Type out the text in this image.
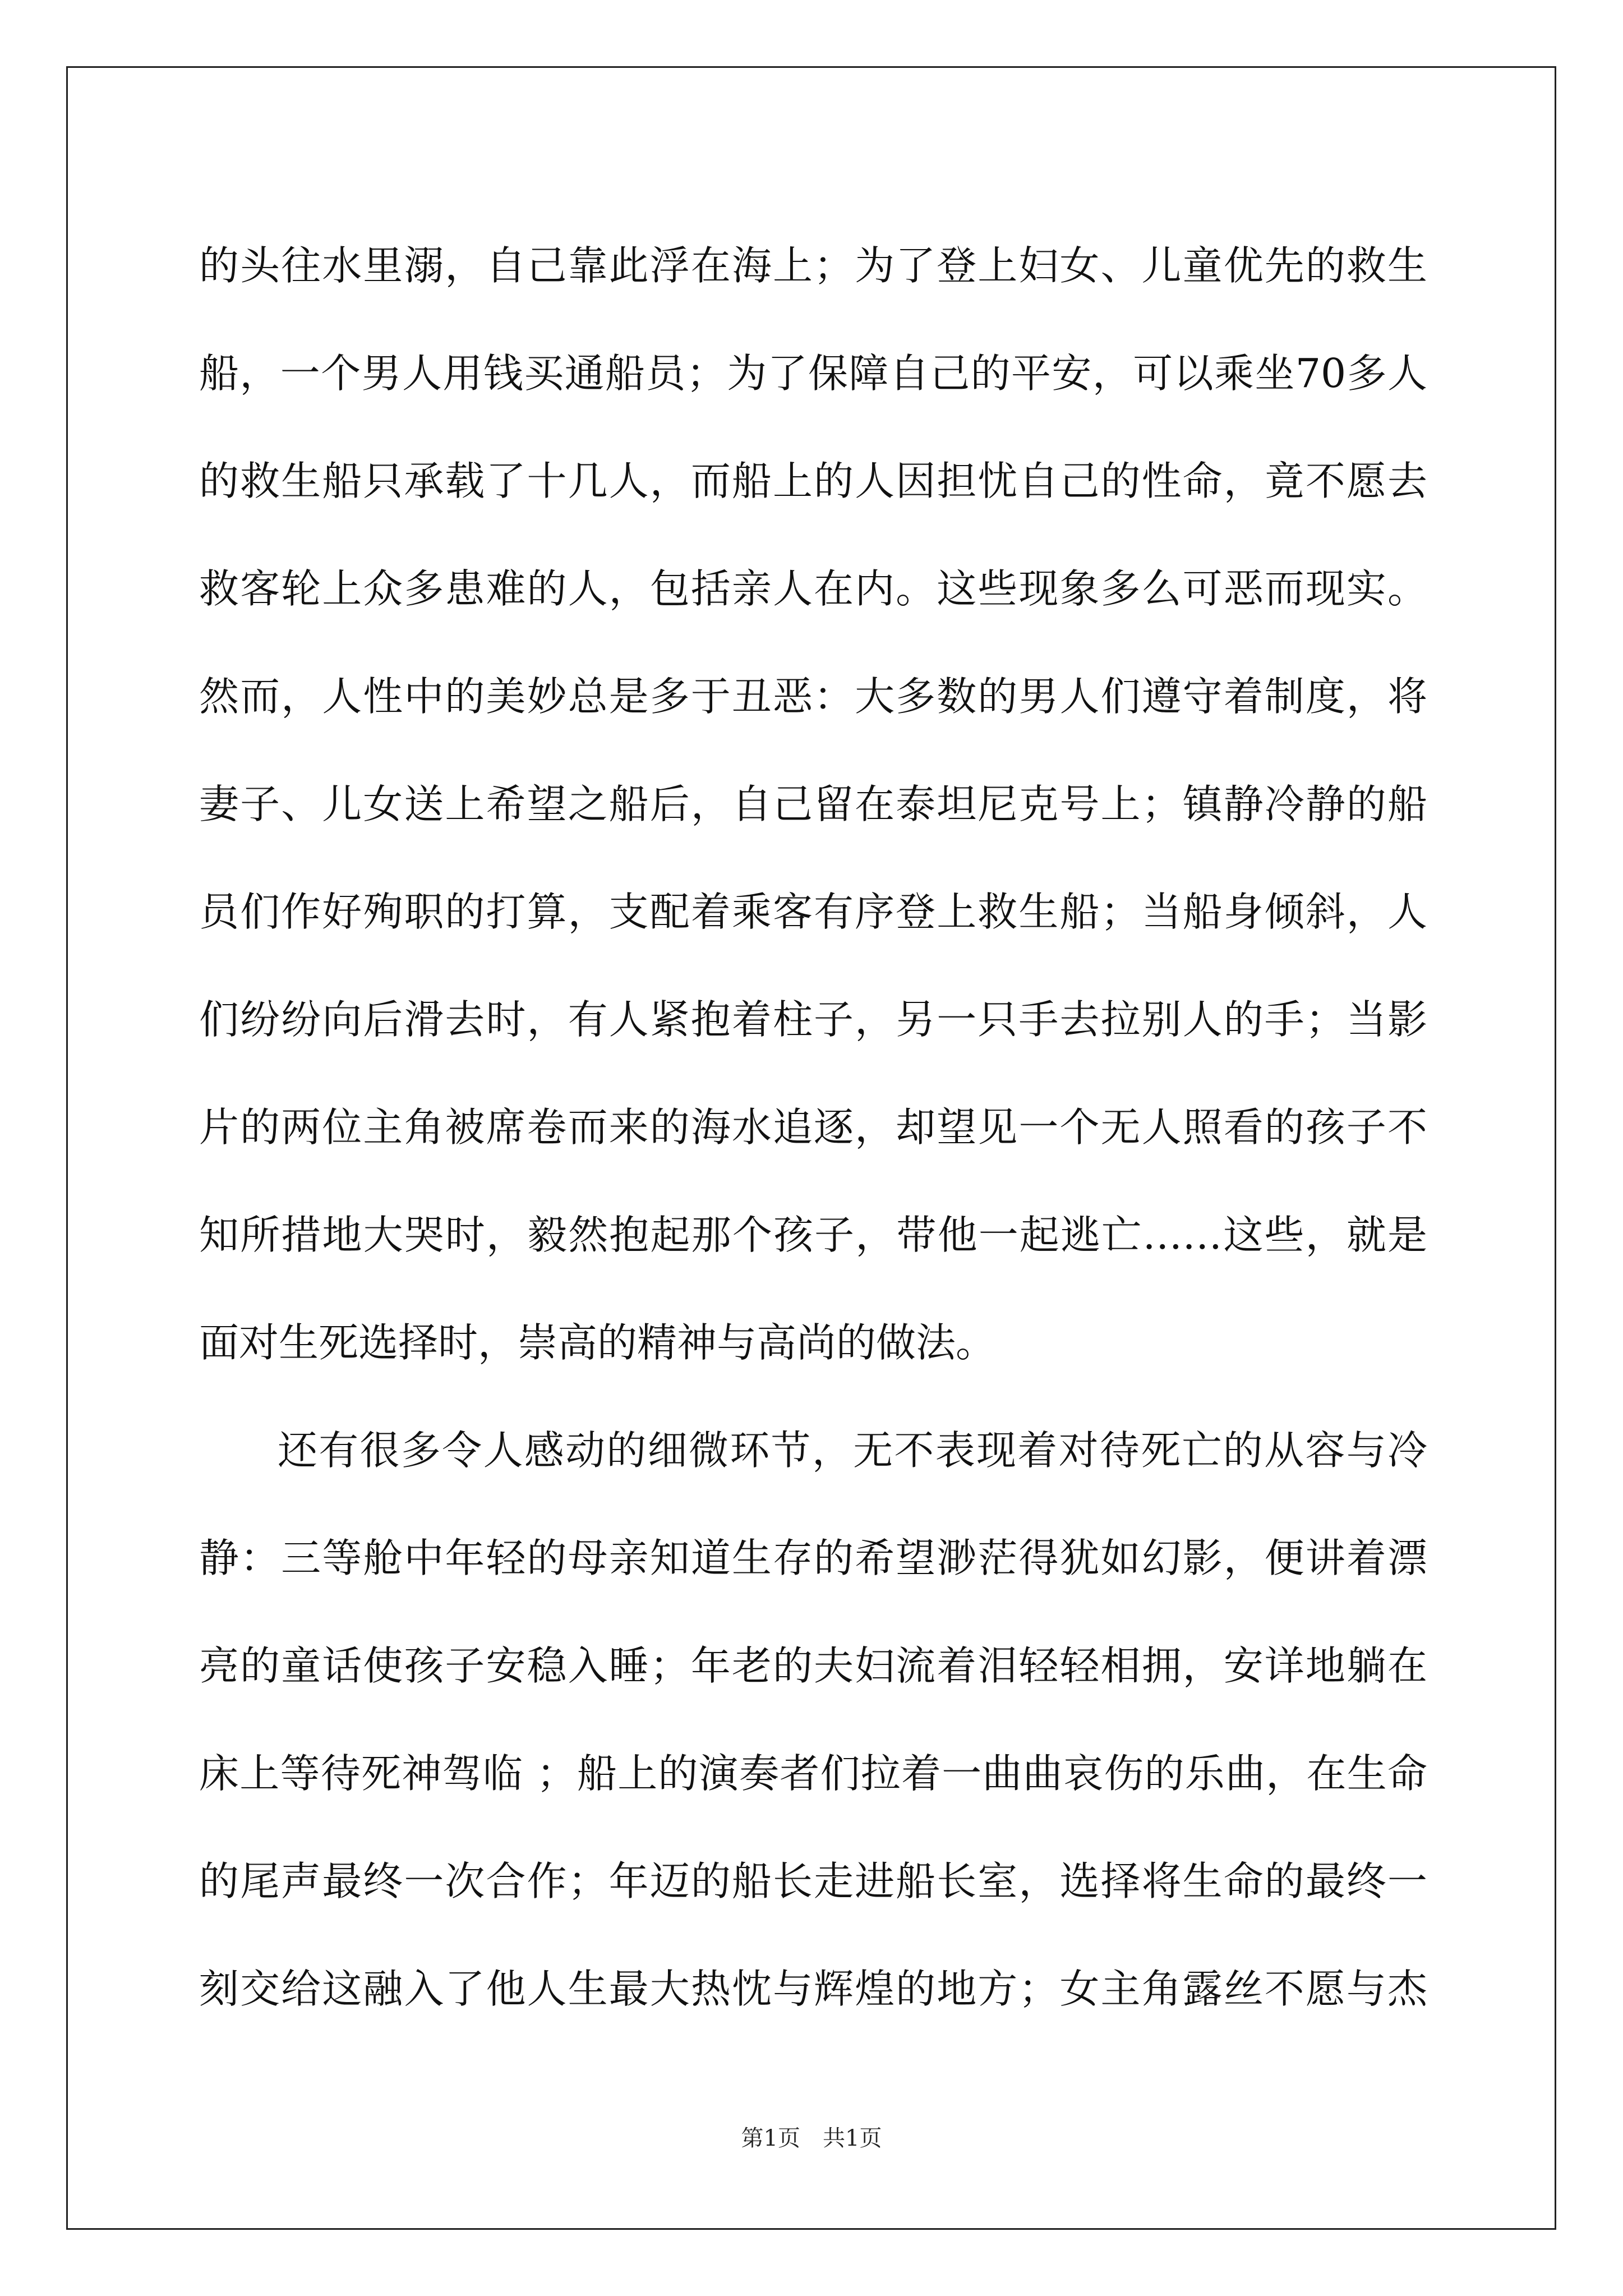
的头往水里溺，自己靠此浮在海上；为了登上妇女、儿童优先的救生
船，一个男人用钱买通船员；为了保障自己的平安，可以乘坐70多人
的救生船只承载了十几人，而船上的人因担忧自己的性命，竟不愿去
救客轮上众多患难的人，包括亲人在内。这些现象多么可恶而现实。
然而，人性中的美妙总是多于丑恶：大多数的男人们遵守着制度，将
妻子、儿女送上希望之船后，自己留在泰坦尼克号上；镇静冷静的船
员们作好殉职的打算，支配着乘客有序登上救生船；当船身倾斜，人
们纷纷向后滑去时，有人紧抱着柱子，另一只手去拉别人的手；当影
片的两位主角被席卷而来的海水追逐，却望见一个无人照看的孩子不
知所措地大哭时，毅然抱起那个孩子，带他一起逃亡……这些，就是
面对生死选择时，崇高的精神与高尚的做法。
还有很多令人感动的细微环节，无不表现着对待死亡的从容与冷
静：三等舱中年轻的母亲知道生存的希望渺茫得犹如幻影，便讲着漂
亮的童话使孩子安稳入睡；年老的夫妇流着泪轻轻相拥，安详地躺在
床上等待死神驾临 ；船上的演奏者们拉着一曲曲哀伤的乐曲，在生命
的尾声最终一次合作；年迈的船长走进船长室，选择将生命的最终一
刻交给这融入了他人生最大热忱与辉煌的地方；女主角露丝不愿与杰
第1页 共1页
